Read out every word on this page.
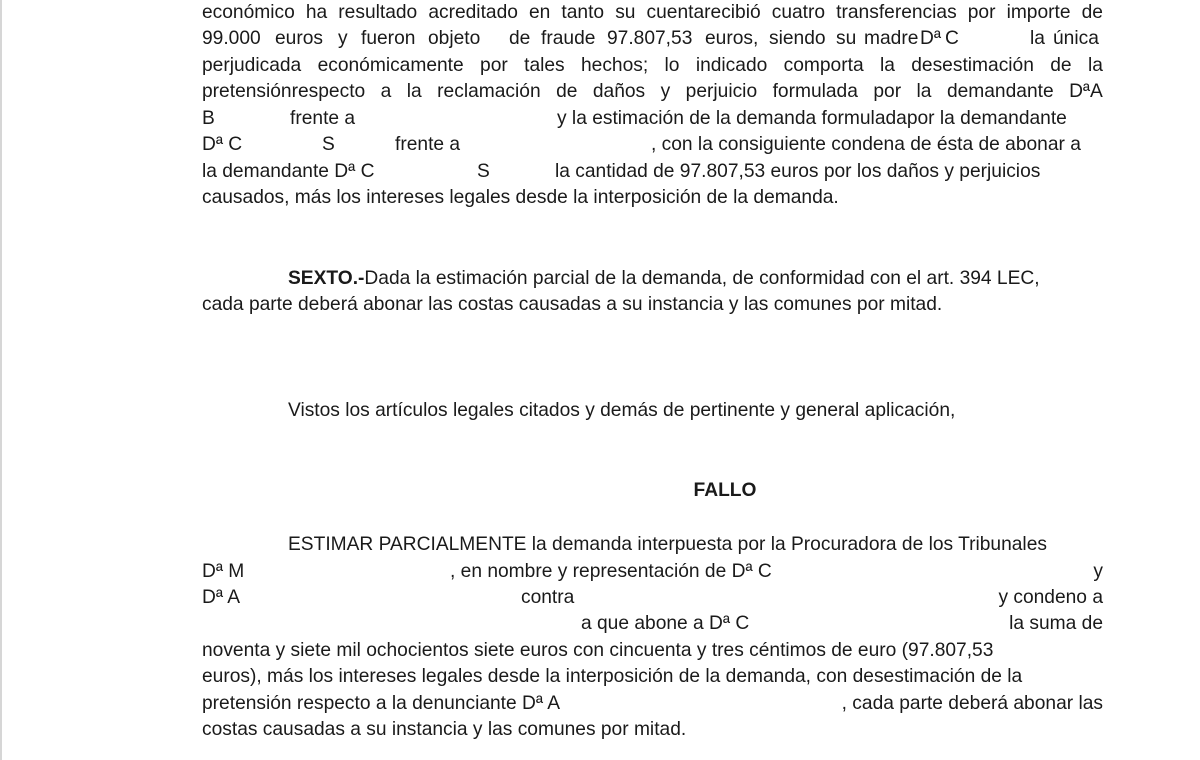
económico ha resultado acreditado en tanto su cuentarecibió cuatro transferencias por importe de
99.000 euros y fueron objeto de fraude 97.807,53 euros, siendo su madre Dª C	la única
perjudicada económicamente por tales hechos; lo indicado comporta la desestimación de la
pretensiónrespecto a la reclamación de daños y perjuicio formulada por la demandante DªA
B	frente a	y la estimación de la demanda formuladapor la demandante
Dª C	S	frente a	, con la consiguiente condena de ésta de abonar a
la demandante Dª C	S	la cantidad de 97.807,53 euros por los daños y perjuicios
causados, más los intereses legales desde la interposición de la demanda.
SEXTO.-Dada la estimación parcial de la demanda, de conformidad con el art. 394 LEC,
cada parte deberá abonar las costas causadas a su instancia y las comunes por mitad.
Vistos los artículos legales citados y demás de pertinente y general aplicación,
FALLO
ESTIMAR PARCIALMENTE la demanda interpuesta por la Procuradora de los Tribunales
Dª M	, en nombre y representación de Dª C	y
Dª A	contra	y condeno a
a que abone a Dª C	la suma de
noventa y siete mil ochocientos siete euros con cincuenta y tres céntimos de euro (97.807,53
euros), más los intereses legales desde la interposición de la demanda, con desestimación de la
pretensión respecto a la denunciante Dª A	, cada parte deberá abonar las
costas causadas a su instancia y las comunes por mitad.
